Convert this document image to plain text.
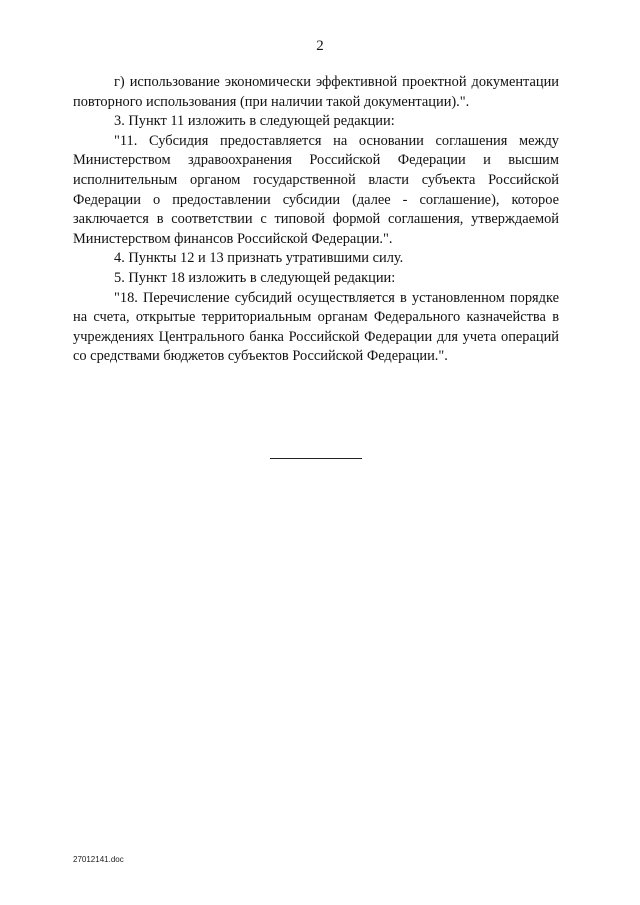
2

г) использование экономически эффективной проектной документации повторного использования (при наличии такой документации).".

3. Пункт 11 изложить в следующей редакции:

"11. Субсидия предоставляется на основании соглашения между Министерством здравоохранения Российской Федерации и высшим исполнительным органом государственной власти субъекта Российской Федерации о предоставлении субсидии (далее - соглашение), которое заключается в соответствии с типовой формой соглашения, утверждаемой Министерством финансов Российской Федерации.".

4. Пункты 12 и 13 признать утратившими силу.

5. Пункт 18 изложить в следующей редакции:

"18. Перечисление субсидий осуществляется в установленном порядке на счета, открытые территориальным органам Федерального казначейства в учреждениях Центрального банка Российской Федерации для учета операций со средствами бюджетов субъектов Российской Федерации.".

27012141.doc
